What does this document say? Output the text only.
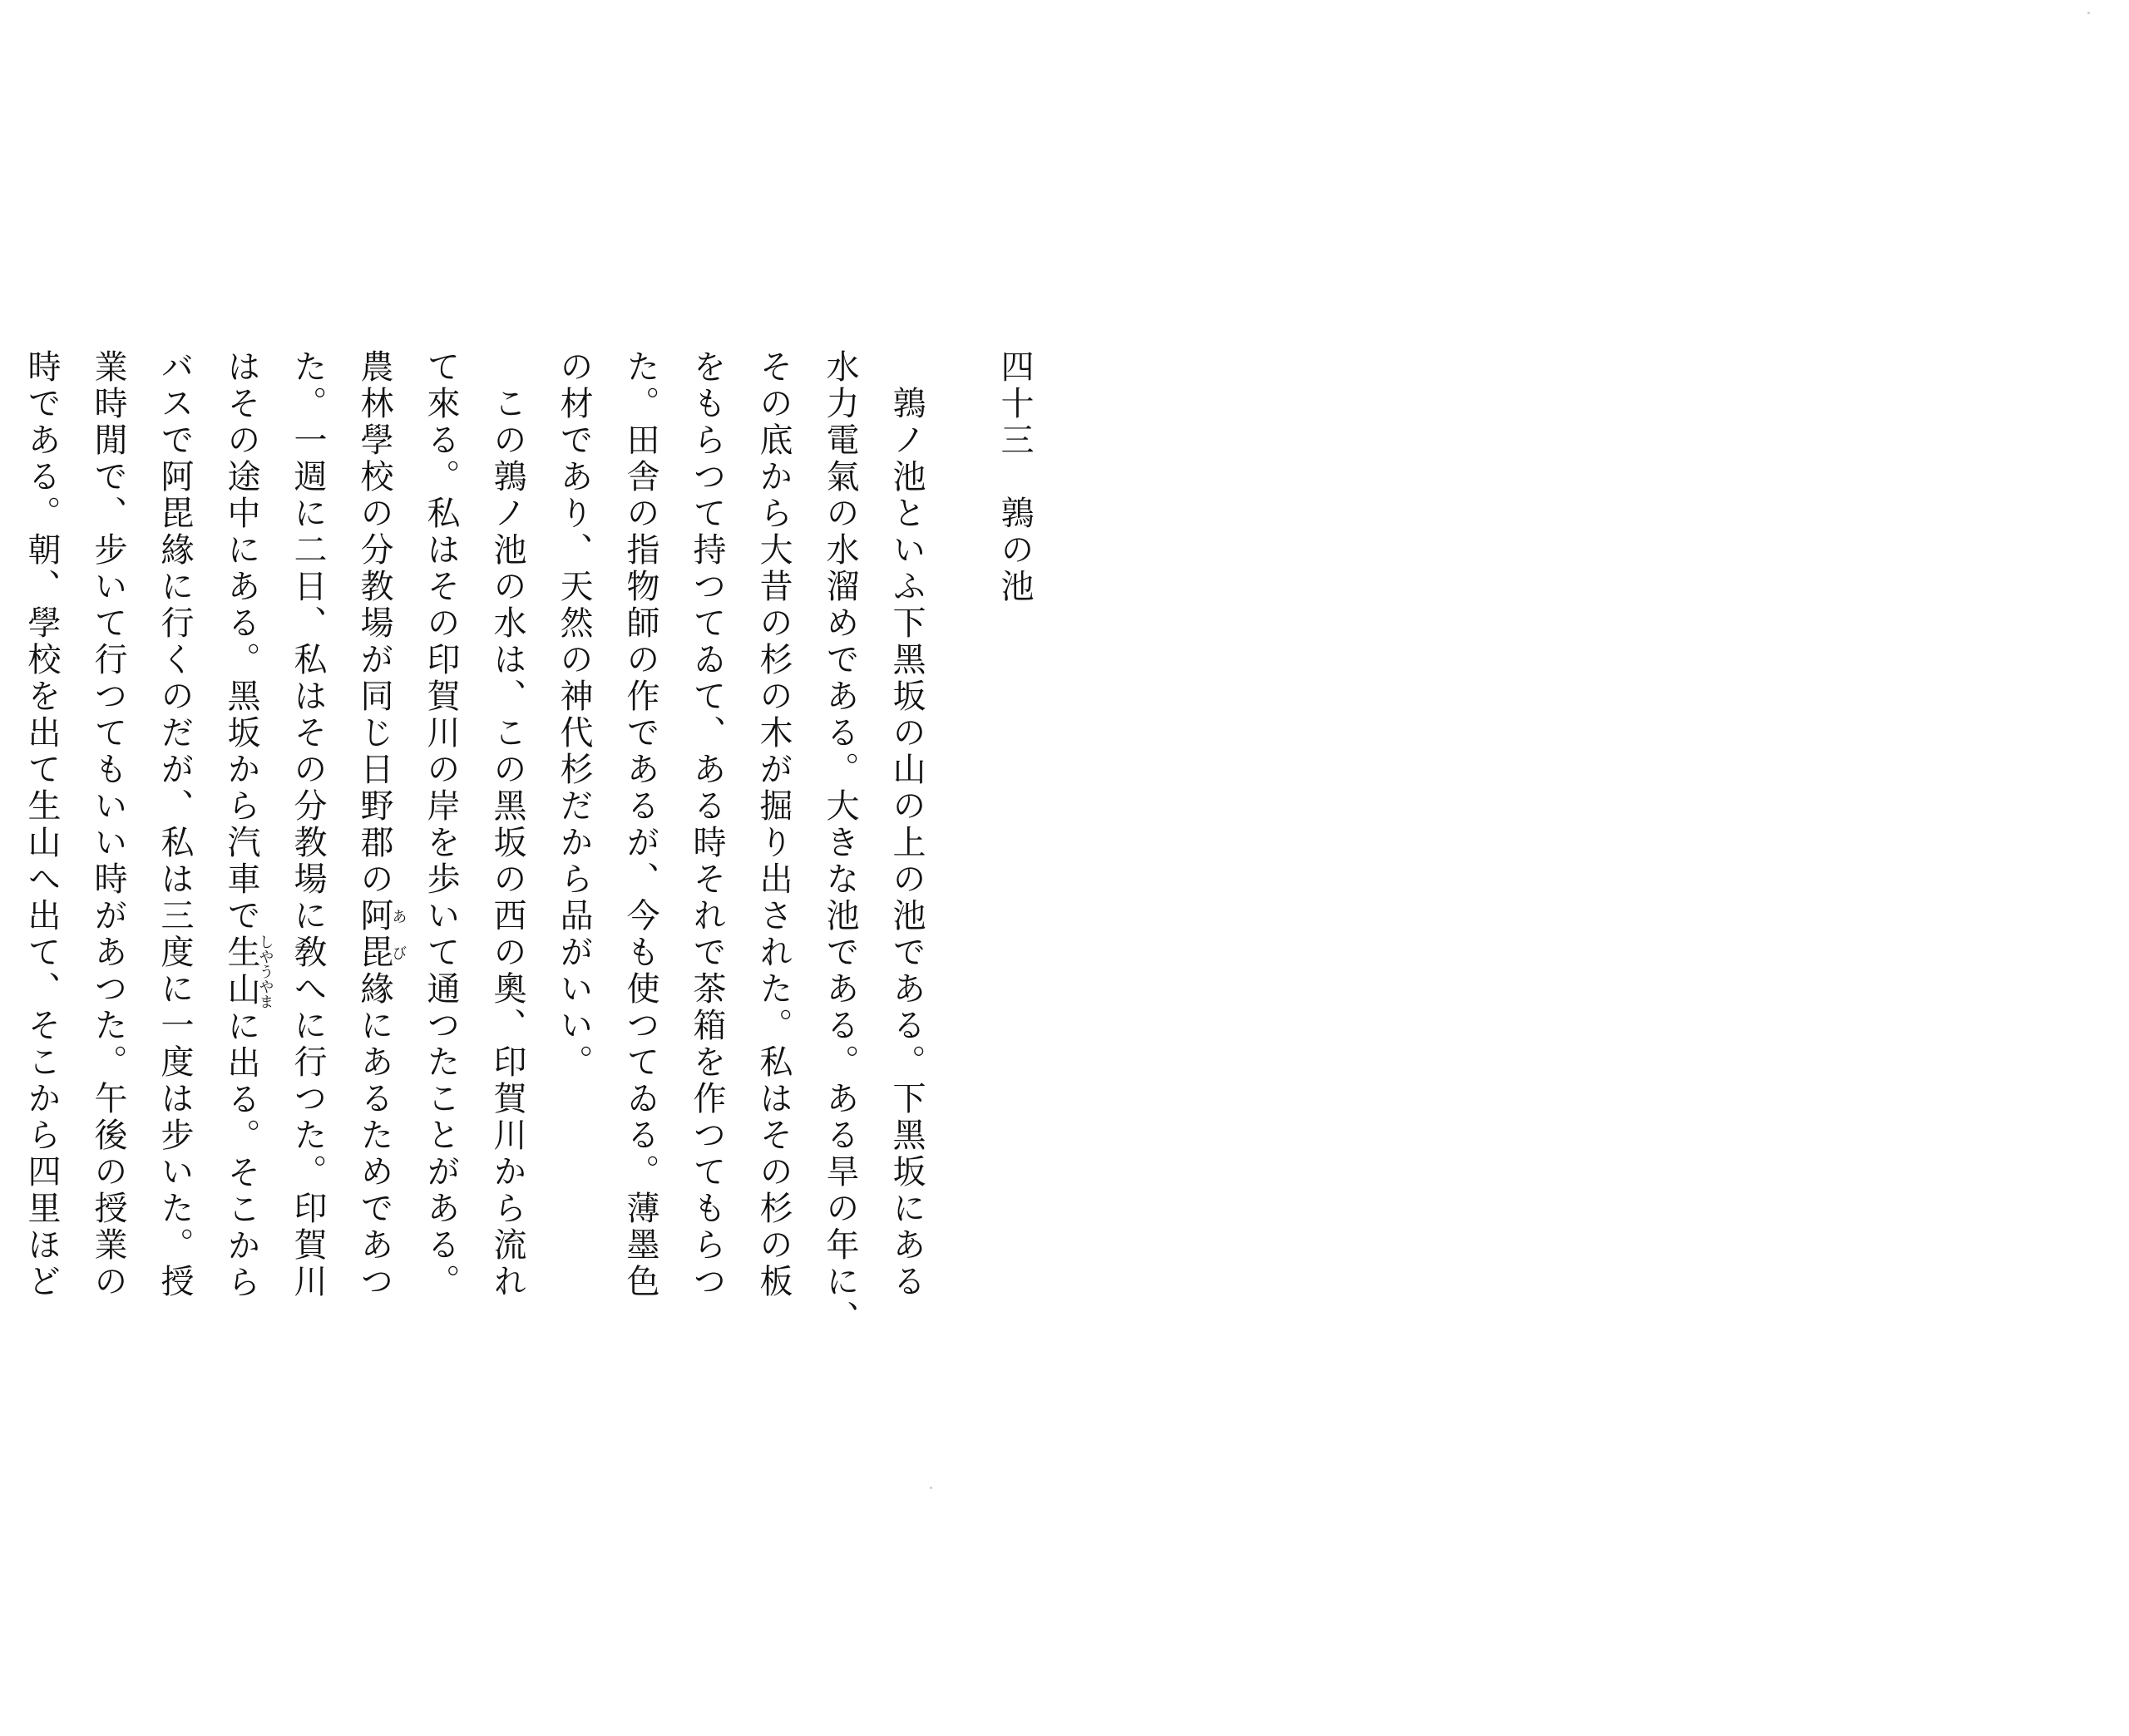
四十三　鶉の池

　鶉ノ池といふ下黑坂の山の上の池である。下黑坂にある

水力電氣の水溜めである。大きな池である。ある旱の年に、

その底から大昔の杉の木が掘り出された。私はその杉の板

をもらつて持つてゐて、ある時それで茶箱を作つてもらつ

た。田舎の指物師の作であるが、今も使つてゐる。薄墨色

の材であり、天然の神代杉だから品がいい。

　この鶉ノ池の水は、この黑坂の西の奧、印賀川から流れ

て來る。私はその印賀川の岸を歩いて通つたことがある。

農林學校の分教場が同じ日野郡の阿毘あび緣にあるためであつ

た。一週に二日、私はその分教場に敎へに行つた。印賀川

はその途中にある。黑坂から汽車で生山しやうやまに出る。そこから

バスで阿毘緣に行くのだが、私は三度に一度は步いた。授

業時閒で、步いて行つてもいい時があつた。午後の授業の

時である。朝、學校を出て生山へ出て、そこから四里ほど
